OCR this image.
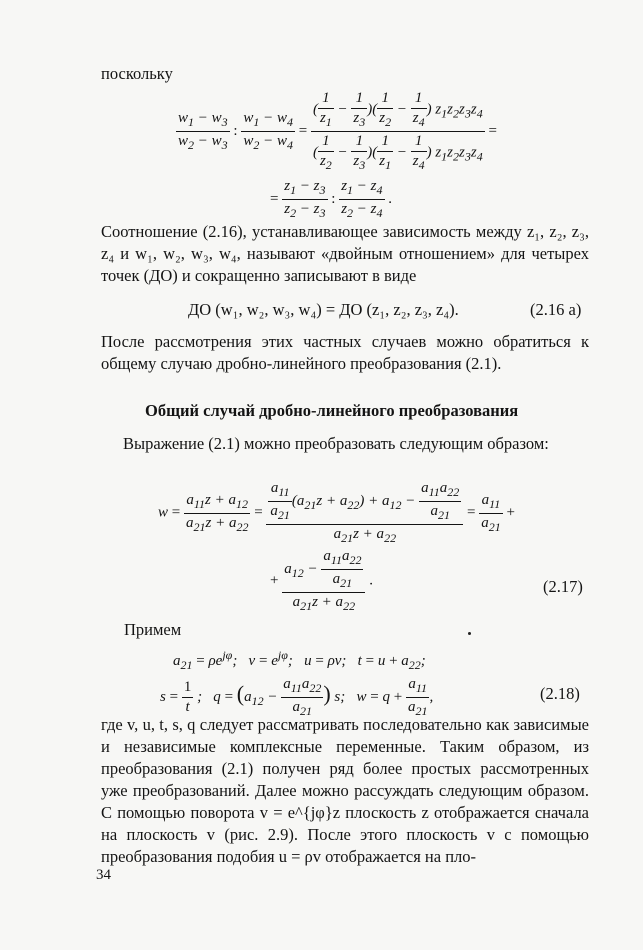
поскольку
$\frac{w_1 - w_3}{w_2 - w_3}$ : $\frac{w_1 - w_4}{w_2 - w_4} = \frac{( \frac{1}{z_1} - \frac{1}{z_3} )( \frac{1}{z_2} - \frac{1}{z_4} ) z_1z_2z_3z_4}{( \frac{1}{z_2} - \frac{1}{z_3} )( \frac{1}{z_1} - \frac{1}{z_4} ) z_1z_2z_3z_4}$ =
= $\frac{z_1 - z_3}{z_2 - z_3}$ : $\frac{z_1 - z_4}{z_2 - z_4}$ .
Соотношение (2.16), устанавливающее зависимость между z₁, z₂, z₃, z₄ и w₁, w₂, w₃, w₄, называют «двойным отношением» для четырех точек (ДО) и сокращенно записывают в виде
ДО (w₁, w₂, w₃, w₄) = ДО (z₁, z₂, z₃, z₄).	(2.16 а)
После рассмотрения этих частных случаев можно обратиться к общему случаю дробно-линейного преобразования (2.1).
Общий случай дробно-линейного преобразования
Выражение (2.1) можно преобразовать следующим образом:
$w = \frac{a_{11}z + a_{12}}{a_{21}z + a_{22}} = \frac{\frac{a_{11}}{a_{21}} (a_{21}z + a_{22}) + a_{12} - \frac{a_{11}a_{22}}{a_{21}}}{a_{21}z + a_{22}} = \frac{a_{11}}{a_{21}}$ +
+ $\frac{a_{12} - \frac{a_{11}a_{22}}{a_{21}}}{a_{21}z + a_{22}}$ .	(2.17)
Примем
$a_{21} = \rho e^{j\varphi}$;   $v = e^{j\varphi}$;   u = ρv;   $t = u + a_{22}$;
$s = \frac{1}{t}$ ;   $q = (a_{12} - \frac{a_{11}a_{22}}{a_{21}}$ ) s;   $w = q + \frac{a_{11}}{a_{21}}$ ,	(2.18)
где v, u, t, s, q следует рассматривать последовательно как зависимые и независимые комплексные переменные. Таким образом, из преобразования (2.1) получен ряд более простых рассмотренных уже преобразований. Далее можно рассуждать следующим образом. С помощью поворота v = e^{jφ}z плоскость z отображается сначала на плоскость v (рис. 2.9). После этого плоскость v с помощью преобразования подобия u = ρv отображается на пло-
34
